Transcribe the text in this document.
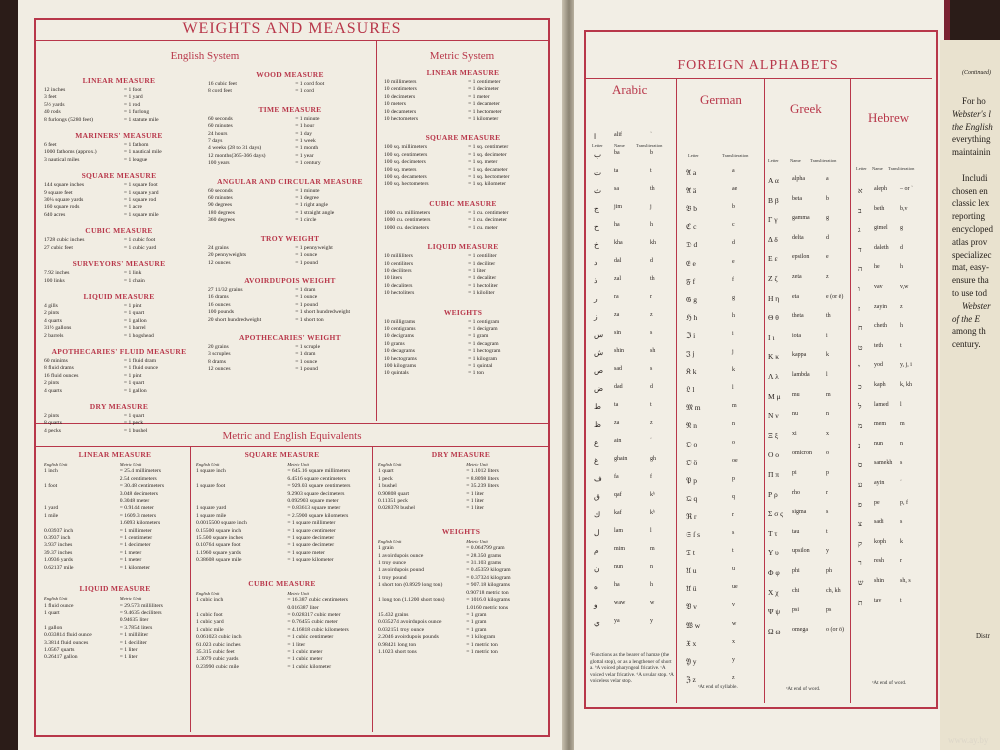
WEIGHTS AND MEASURES
English System	Metric System
Metric and English Equivalents
LINEAR MEASURE
12 inches	= 1 foot
3 feet	= 1 yard
5½ yards	= 1 rod
40 rods	= 1 furlong
8 furlongs (5280 feet)	= 1 statute mile
MARINERS' MEASURE
6 feet	= 1 fathom
1000 fathoms (approx.)	= 1 nautical mile
3 nautical miles	= 1 league
SQUARE MEASURE
144 square inches	= 1 square foot
9 square feet	= 1 square yard
30¼ square yards	= 1 square rod
160 square rods	= 1 acre
640 acres	= 1 square mile
CUBIC MEASURE
1728 cubic inches	= 1 cubic foot
27 cubic feet	= 1 cubic yard
SURVEYORS' MEASURE
7.92 inches	= 1 link
100 links	= 1 chain
LIQUID MEASURE
4 gills	= 1 pint
2 pints	= 1 quart
4 quarts	= 1 gallon
31½ gallons	= 1 barrel
2 barrels	= 1 hogshead
APOTHECARIES' FLUID MEASURE
60 minims	= 1 fluid dram
8 fluid drams	= 1 fluid ounce
16 fluid ounces	= 1 pint
2 pints	= 1 quart
4 quarts	= 1 gallon
DRY MEASURE
2 pints	= 1 quart
8 quarts	= 1 peck
4 pecks	= 1 bushel
WOOD MEASURE
16 cubic feet	= 1 cord foot
8 cord feet	= 1 cord
TIME MEASURE
60 seconds	= 1 minute
60 minutes	= 1 hour
24 hours	= 1 day
7 days	= 1 week
4 weeks (28 to 31 days)	= 1 month
12 months(365-366 days)	= 1 year
100 years	= 1 century
ANGULAR AND CIRCULAR MEASURE
60 seconds	= 1 minute
60 minutes	= 1 degree
90 degrees	= 1 right angle
180 degrees	= 1 straight angle
360 degrees	= 1 circle
TROY WEIGHT
24 grains	= 1 pennyweight
20 pennyweights	= 1 ounce
12 ounces	= 1 pound
AVOIRDUPOIS WEIGHT
27 11/32 grains	= 1 dram
16 drams	= 1 ounce
16 ounces	= 1 pound
100 pounds	= 1 short hundredweight
20 short hundredweight	= 1 short ton
APOTHECARIES' WEIGHT
20 grains	= 1 scruple
3 scruples	= 1 dram
8 drams	= 1 ounce
12 ounces	= 1 pound
LINEAR MEASURE
10 millimeters	= 1 centimeter
10 centimeters	= 1 decimeter
10 decimeters	= 1 meter
10 meters	= 1 decameter
10 decameters	= 1 hectometer
10 hectometers	= 1 kilometer
SQUARE MEASURE
100 sq. millimeters	= 1 sq. centimeter
100 sq. centimeters	= 1 sq. decimeter
100 sq. decimeters	= 1 sq. meter
100 sq. meters	= 1 sq. decameter
100 sq. decameters	= 1 sq. hectometer
100 sq. hectometers	= 1 sq. kilometer
CUBIC MEASURE
1000 cu. millimeters	= 1 cu. centimeter
1000 cu. centimeters	= 1 cu. decimeter
1000 cu. decimeters	= 1 cu. meter
LIQUID MEASURE
10 milliliters	= 1 centiliter
10 centiliters	= 1 deciliter
10 deciliters	= 1 liter
10 liters	= 1 decaliter
10 decaliters	= 1 hectoliter
10 hectoliters	= 1 kiloliter
WEIGHTS
10 milligrams	= 1 centigram
10 centigrams	= 1 decigram
10 decigrams	= 1 gram
10 grams	= 1 decagram
10 decagrams	= 1 hectogram
10 hectograms	= 1 kilogram
100 kilograms	= 1 quintal
10 quintals	= 1 ton
LINEAR MEASURE
English Unit	Metric Unit
1 inch	= 25.4 millimeters
2.54 centimeters
1 foot	= 30.48 centimeters
3.048 decimeters
0.3048 meter
1 yard	= 0.9144 meter
1 mile	= 1609.3 meters
1.6093 kilometers
0.03937 inch	= 1 millimeter
0.3937 inch	= 1 centimeter
3.937 inches	= 1 decimeter
39.37 inches	= 1 meter
1.0936 yards	= 1 meter
0.62137 mile	= 1 kilometer
LIQUID MEASURE
English Unit	Metric Unit
1 fluid ounce	= 29.573 milliliters
1 quart	= 9.4635 deciliters
0.94635 liter
1 gallon	= 3.7854 liters
0.033814 fluid ounce	= 1 milliliter
3.3814 fluid ounces	= 1 deciliter
1.0567 quarts	= 1 liter
0.26417 gallon	= 1 liter
SQUARE MEASURE
English Unit	Metric Unit
1 square inch	= 645.16 square millimeters
6.4516 square centimeters
1 square foot	= 929.03 square centimeters
9.2903 square decimeters
0.092903 square meter
1 square yard	= 0.83613 square meter
1 square mile	= 2.5900 square kilometers
0.0015500 square inch	= 1 square millimeter
0.15500 square inch	= 1 square centimeter
15.500 square inches	= 1 square decimeter
0.10764 square foot	= 1 square decimeter
1.1960 square yards	= 1 square meter
0.38608 square mile	= 1 square kilometer
CUBIC MEASURE
English Unit	Metric Unit
1 cubic inch	= 16.387 cubic centimeters
0.016387 liter
1 cubic foot	= 0.028317 cubic meter
1 cubic yard	= 0.76455 cubic meter
1 cubic mile	= 4.16818 cubic kilometers
0.061023 cubic inch	= 1 cubic centimeter
61.023 cubic inches	= 1 liter
35.315 cubic feet	= 1 cubic meter
1.3079 cubic yards	= 1 cubic meter
0.23990 cubic mile	= 1 cubic kilometer
DRY MEASURE
English Unit	Metric Unit
1 quart	= 1.1012 liters
1 peck	= 8.8098 liters
1 bushel	= 35.239 liters
0.90808 quart	= 1 liter
0.11351 peck	= 1 liter
0.028378 bushel	= 1 liter
WEIGHTS
English Unit	Metric Unit
1 grain	= 0.064799 gram
1 avoirdupois ounce	= 28.350 grams
1 troy ounce	= 31.103 grams
1 avoirdupois pound	= 0.45359 kilogram
1 troy pound	= 0.37324 kilogram
1 short ton (0.8929 long ton)	= 907.18 kilograms
0.90718 metric ton
1 long ton (1.1200 short tons)	= 1016.0 kilograms
1.0160 metric tons
15.432 grains	= 1 gram
0.035274 avoirdupois ounce	= 1 gram
0.032151 troy ounce	= 1 gram
2.2046 avoirdupois pounds	= 1 kilogram
0.98421 long ton	= 1 metric ton
1.1023 short tons	= 1 metric ton
FOREIGN ALPHABETS
Arabic
German
Greek
Hebrew
Letter	Name	Transliteration
ا	alif	ʾ
ب ba	b
ت ta	t
ث sa	th
ج	jim	j
ح	ha	h
خ	kha	kh
د	dal	d
ذ	zal	th
ر	ra	r
ز	za	z
س sin	s
ش shin	sh
ص sad	s
ض dad	d
ط ta	t
ظ za	z
ع	ain	ʿ
غ	ghain	gh
ف fa	f
ق qaf	kᵇ
ك kaf	kᵇ
ل lam	l
م	mim	m
ن nun	n
ه	ha	h
و	waw	w
ي ya	y
Letter	Transliteration
𝔄 a	a
𝔄̈ ä	ae
𝔅 b	b
ℭ c	c
𝔇 d	d
𝔈 e	e
𝔉 f	f
𝔊 g	g
ℌ h	h
ℑ i	i
𝔍 j	j
𝔎 k	k
𝔏 l	l
𝔐 m	m
𝔑 n	n
𝔒 o	o
𝔒̈ ö	oe
𝔓 p	p
𝔔 q	q
ℜ r	r
𝔖 ſ s	s
𝔗 t	t
𝔘 u	u
𝔘̈ ü	ue
𝔙 v	v
𝔚 w	w
𝔛 x	x
𝔜 y	y
ℨ z	z
Letter	Name Transliteration
Α α alpha	a
Β β beta	b
Γ γ gamma	g
Δ δ delta	d
Ε ε epsilon	e
Ζ ζ zeta	z
Η η eta	e (or ē)
Θ θ theta	th
Ι ι	iota	i
Κ κ kappa	k
Λ λ lambda	l
Μ μ mu	m
Ν ν nu	n
Ξ ξ xi	x
Ο ο omicron o
Π π pi	p
Ρ ρ rho	r
Σ σ ς sigma	s
Τ τ tau	t
Υ υ upsilon	y
Φ φ phi	ph
Χ χ chi	ch, kh
Ψ ψ psi	ps
Ω ω omega	o (or ō)
Letter Name Transliteration
א aleph – or ʾ
ב beth	b,v
ג gimel g
ד daleth d
ה he	h
ו vav	v,w
ז zayin z
ח cheth h
ט teth	t
י yod	y, j, i
כ kaph k, kh
ל lamed l
מ mem m
נ nun	n
ס samekh s
ע ayin	ʿ
פ pe	p, f
צ sadi	s
ק koph k
ר resh	r
ש shin	sh, s
ת tav	t
ᵃFunctions as the bearer of hamze (the glottal stop), or as a lengthener of short a. ᵇA voiced pharyngeal fricative. ᶜA voiced velar fricative. ᵈA uvular stop. ᵉA voiceless velar stop.
ᵃAt end of syllable.	ᵃAt end of word.
ᵃAt end of word.
(Continued)
For ho
Webster's l
the English
everything
maintainin
Includi
chosen en
classic lex
reporting
encycloped
atlas prov
specializec
mat, easy-
ensure tha
to use tod
Webster
of the E
among th
century.
Distr
www.ay.by
